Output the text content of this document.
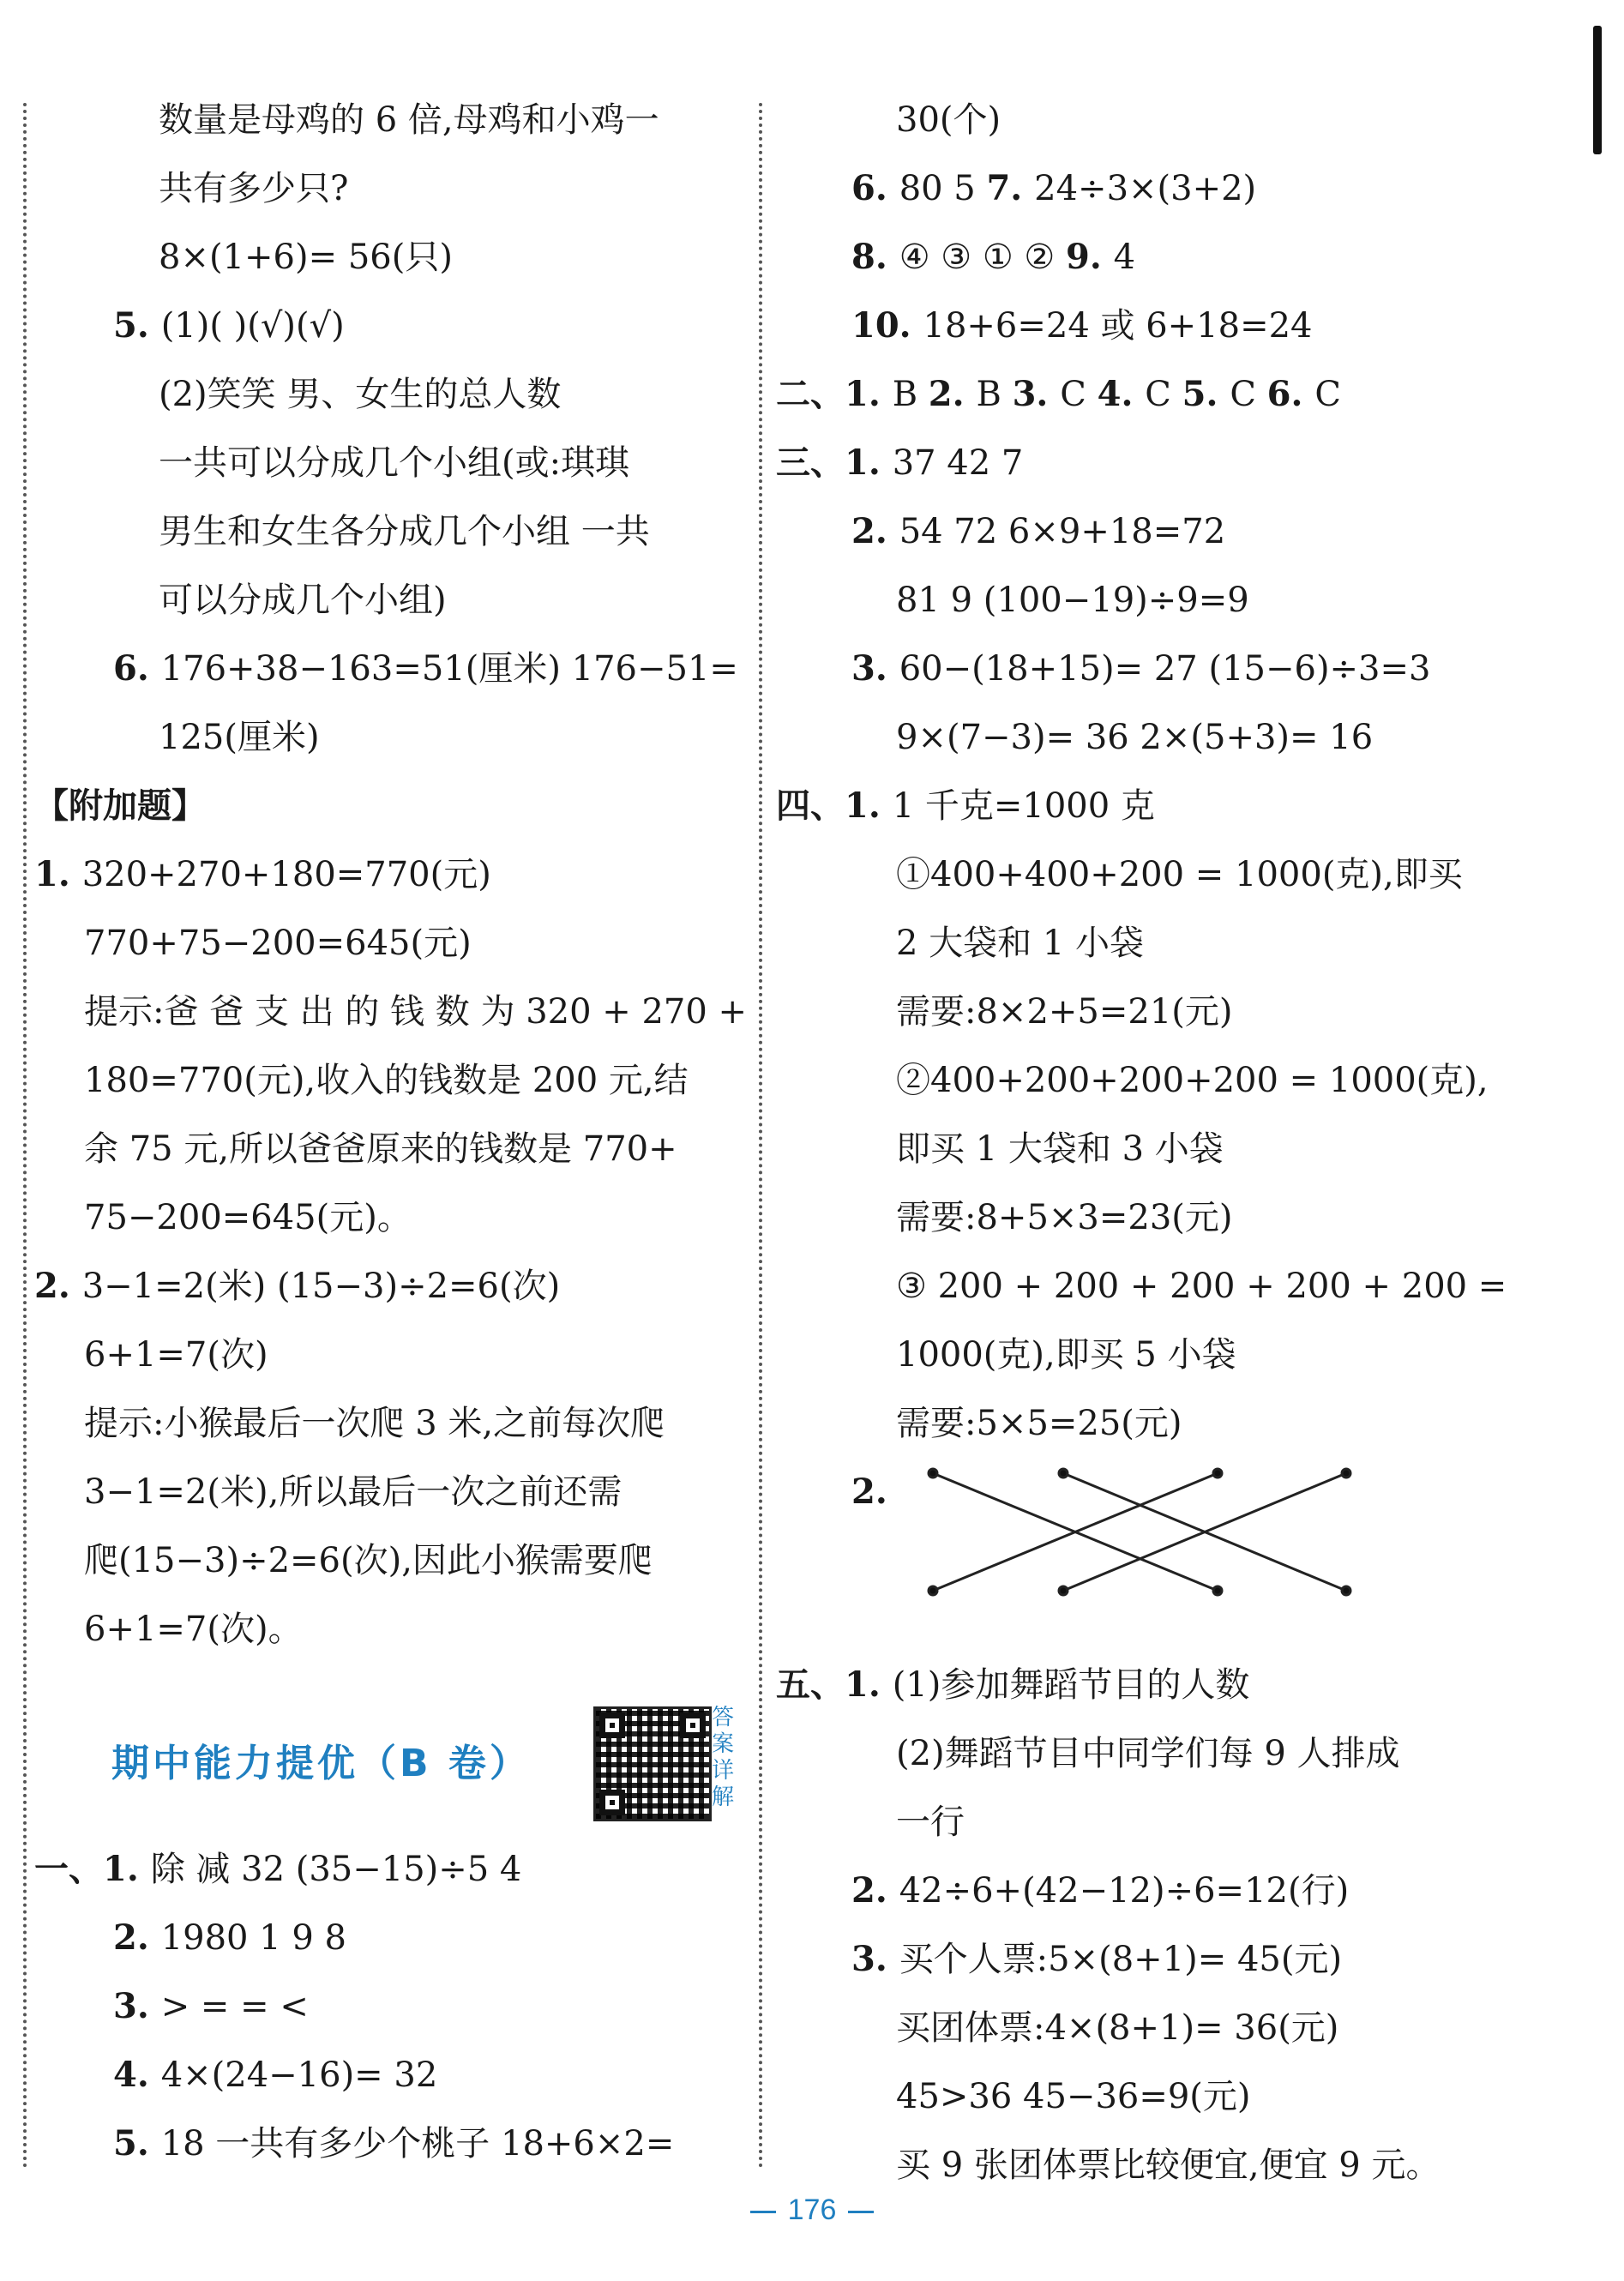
数量是母鸡的 6 倍,母鸡和小鸡一
共有多少只?
8×(1+6)= 56(只)
5. (1)( )(√)(√)
(2)笑笑 男、女生的总人数
一共可以分成几个小组(或:琪琪
男生和女生各分成几个小组 一共
可以分成几个小组)
6. 176+38−163=51(厘米) 176−51=
125(厘米)
【附加题】
1. 320+270+180=770(元)
770+75−200=645(元)
提示:爸 爸 支 出 的 钱 数 为 320 + 270 +
180=770(元),收入的钱数是 200 元,结
余 75 元,所以爸爸原来的钱数是 770+
75−200=645(元)。
2. 3−1=2(米) (15−3)÷2=6(次)
6+1=7(次)
提示:小猴最后一次爬 3 米,之前每次爬
3−1=2(米),所以最后一次之前还需
爬(15−3)÷2=6(次),因此小猴需要爬
6+1=7(次)。
一、1. 除 减 32 (35−15)÷5 4
2. 1980 1 9 8
3. > = = <
4. 4×(24−16)= 32
5. 18 一共有多少个桃子 18+6×2=
30(个)
6. 80 5 7. 24÷3×(3+2)
8. ④ ③ ① ② 9. 4
10. 18+6=24 或 6+18=24
二、1. B 2. B 3. C 4. C 5. C 6. C
三、1. 37 42 7
2. 54 72 6×9+18=72
81 9 (100−19)÷9=9
3. 60−(18+15)= 27 (15−6)÷3=3
9×(7−3)= 36 2×(5+3)= 16
四、1. 1 千克=1000 克
①400+400+200 = 1000(克),即买
2 大袋和 1 小袋
需要:8×2+5=21(元)
②400+200+200+200 = 1000(克),
即买 1 大袋和 3 小袋
需要:8+5×3=23(元)
③ 200 + 200 + 200 + 200 + 200 =
1000(克),即买 5 小袋
需要:5×5=25(元)
2.
五、1. (1)参加舞蹈节目的人数
(2)舞蹈节目中同学们每 9 人排成
一行
2. 42÷6+(42−12)÷6=12(行)
3. 买个人票:5×(8+1)= 45(元)
买团体票:4×(8+1)= 36(元)
45>36 45−36=9(元)
买 9 张团体票比较便宜,便宜 9 元。
期中能力提优（B 卷）
答案详解
176
